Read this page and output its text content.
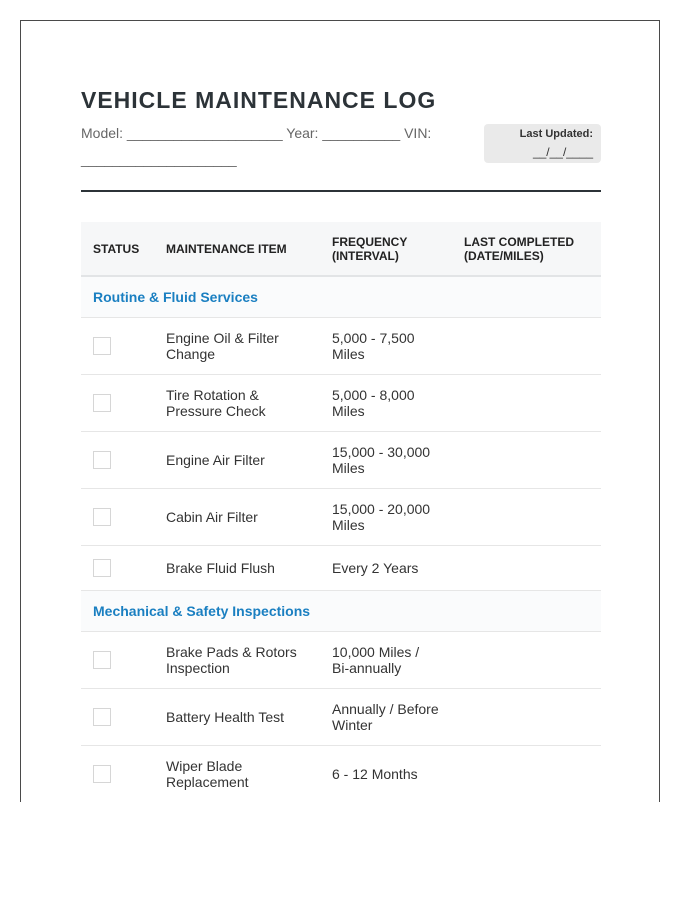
VEHICLE MAINTENANCE LOG
Model: ____________________ Year: __________ VIN: ____________________
Last Updated:
__/__/____
STATUS	MAINTENANCE ITEM	FREQUENCY (INTERVAL)	LAST COMPLETED (DATE/MILES)
Routine & Fluid Services			
	Engine Oil & Filter Change	5,000 - 7,500 Miles	
	Tire Rotation & Pressure Check	5,000 - 8,000 Miles	
	Engine Air Filter	15,000 - 30,000 Miles	
	Cabin Air Filter	15,000 - 20,000 Miles	
	Brake Fluid Flush	Every 2 Years	
Mechanical & Safety Inspections			
	Brake Pads & Rotors Inspection	10,000 Miles / Bi-annually	
	Battery Health Test	Annually / Before Winter	
	Wiper Blade Replacement	6 - 12 Months	
